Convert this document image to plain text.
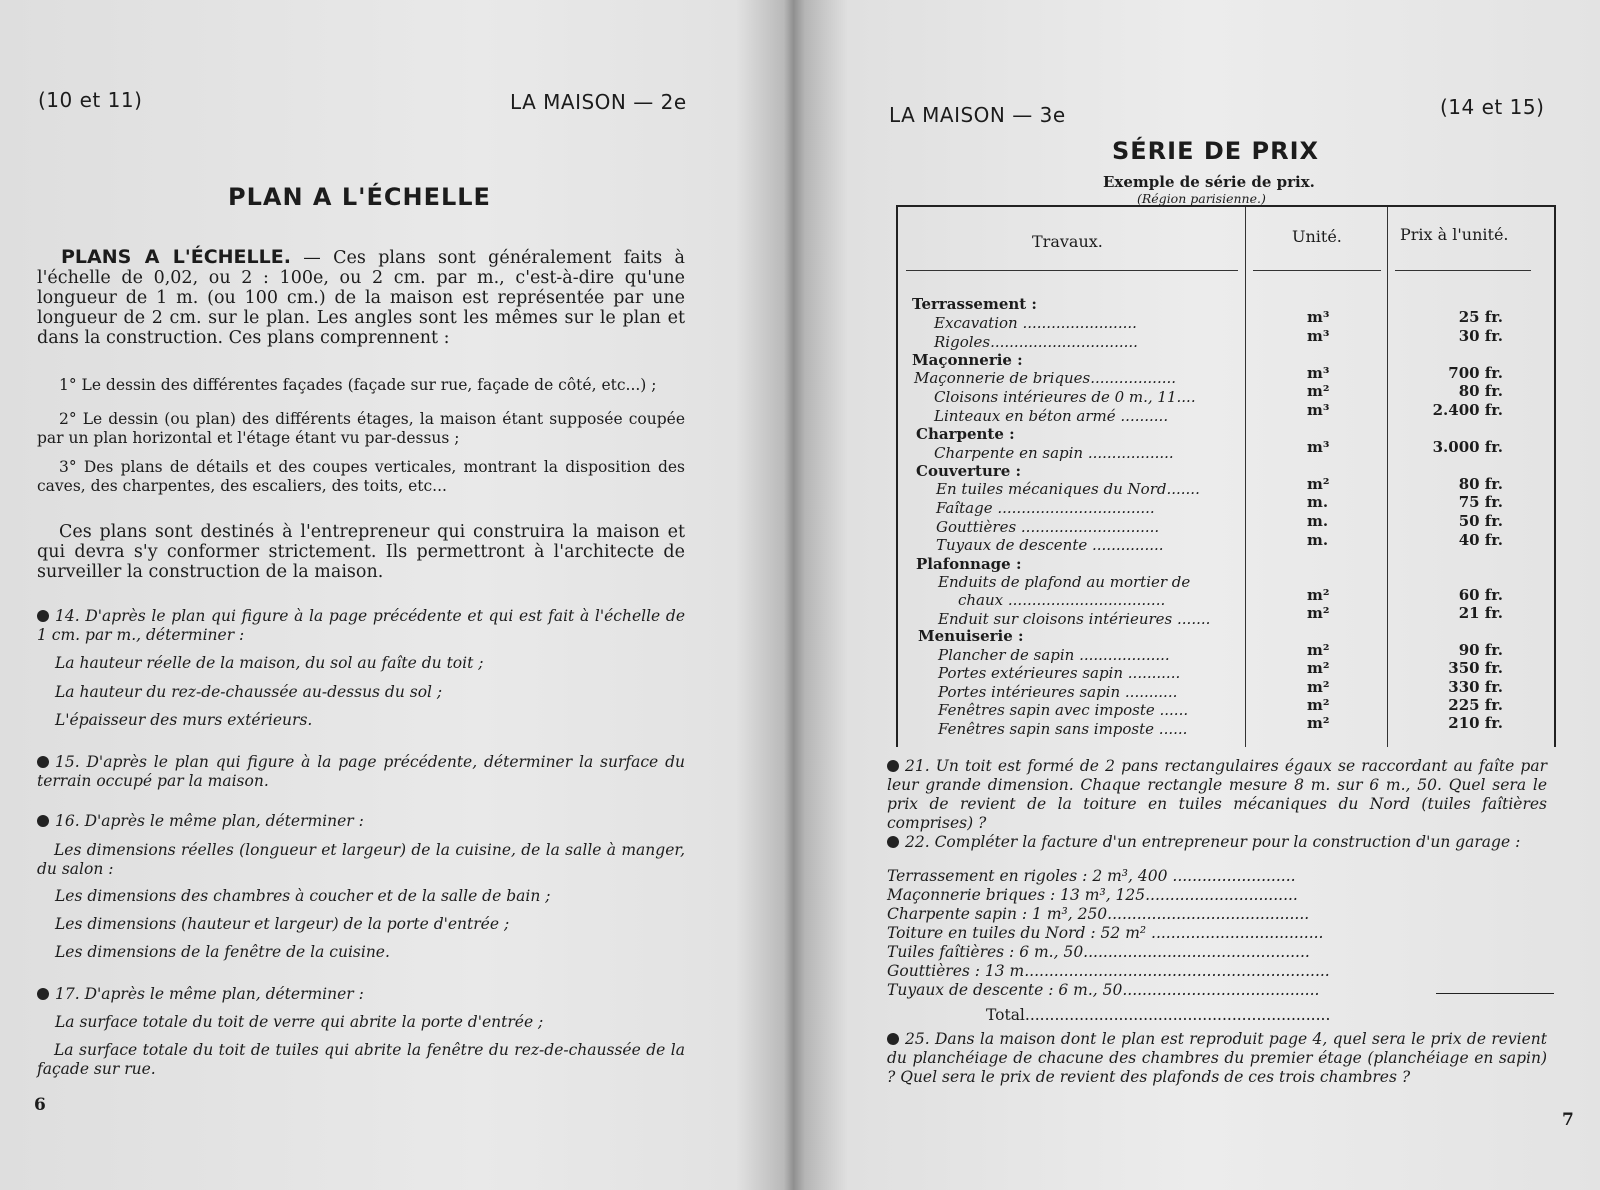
(10 et 11)	LA MAISON — 2e
PLAN A L'ÉCHELLE
PLANS A L'ÉCHELLE. — Ces plans sont généralement faits à l'échelle de 0,02, ou 2 : 100e, ou 2 cm. par m., c'est-à-dire qu'une longueur de 1 m. (ou 100 cm.) de la maison est représentée par une longueur de 2 cm. sur le plan. Les angles sont les mêmes sur le plan et dans la construction. Ces plans comprennent :
1° Le dessin des différentes façades (façade sur rue, façade de côté, etc...) ;
2° Le dessin (ou plan) des différents étages, la maison étant supposée coupée par un plan horizontal et l'étage étant vu par-dessus ;
3° Des plans de détails et des coupes verticales, montrant la disposition des caves, des charpentes, des escaliers, des toits, etc...
Ces plans sont destinés à l'entrepreneur qui construira la maison et qui devra s'y conformer strictement. Ils permettront à l'architecte de surveiller la construction de la maison.
14. D'après le plan qui figure à la page précédente et qui est fait à l'échelle de 1 cm. par m., déterminer :
La hauteur réelle de la maison, du sol au faîte du toit ;
La hauteur du rez-de-chaussée au-dessus du sol ;
L'épaisseur des murs extérieurs.
15. D'après le plan qui figure à la page précédente, déterminer la surface du terrain occupé par la maison.
16. D'après le même plan, déterminer :
Les dimensions réelles (longueur et largeur) de la cuisine, de la salle à manger, du salon :
Les dimensions des chambres à coucher et de la salle de bain ;
Les dimensions (hauteur et largeur) de la porte d'entrée ;
Les dimensions de la fenêtre de la cuisine.
17. D'après le même plan, déterminer :
La surface totale du toit de verre qui abrite la porte d'entrée ;
La surface totale du toit de tuiles qui abrite la fenêtre du rez-de-chaussée de la façade sur rue.
6
LA MAISON — 3e	(14 et 15)
SÉRIE DE PRIX
Exemple de série de prix.
(Région parisienne.)
Travaux.	Unité.	Prix à l'unité.
Terrassement :
Excavation ........................	m³	25 fr.
Rigoles...............................	m³	30 fr.
Maçonnerie :
Maçonnerie de briques..................	m³	700 fr.
Cloisons intérieures de 0 m., 11....	m²	80 fr.
Linteaux en béton armé ..........	m³	2.400 fr.
Charpente :
Charpente en sapin ..................	m³	3.000 fr.
Couverture :
En tuiles mécaniques du Nord.......	m²	80 fr.
Faîtage .................................	m.	75 fr.
Gouttières .............................	m.	50 fr.
Tuyaux de descente ...............	m.	40 fr.
Plafonnage :
Enduits de plafond au mortier de
chaux .................................	m²	60 fr.
Enduit sur cloisons intérieures .......	m²	21 fr.
Menuiserie :
Plancher de sapin ...................	m²	90 fr.
Portes extérieures sapin ...........	m²	350 fr.
Portes intérieures sapin ...........	m²	330 fr.
Fenêtres sapin avec imposte ......	m²	225 fr.
Fenêtres sapin sans imposte ......	m²	210 fr.
21. Un toit est formé de 2 pans rectangulaires égaux se raccordant au faîte par leur grande dimension. Chaque rectangle mesure 8 m. sur 6 m., 50. Quel sera le prix de revient de la toiture en tuiles mécaniques du Nord (tuiles faîtières comprises) ?
22. Compléter la facture d'un entrepreneur pour la construction d'un garage :
Terrassement en rigoles : 2 m³, 400 .........................
Maçonnerie briques : 13 m³, 125...............................
Charpente sapin : 1 m³, 250.........................................
Toiture en tuiles du Nord : 52 m² ...................................
Tuiles faîtières : 6 m., 50..............................................
Gouttières : 13 m..............................................................
Tuyaux de descente : 6 m., 50........................................
Total..............................................................
25. Dans la maison dont le plan est reproduit page 4, quel sera le prix de revient du planchéiage de chacune des chambres du premier étage (planchéiage en sapin) ? Quel sera le prix de revient des plafonds de ces trois chambres ?
7
